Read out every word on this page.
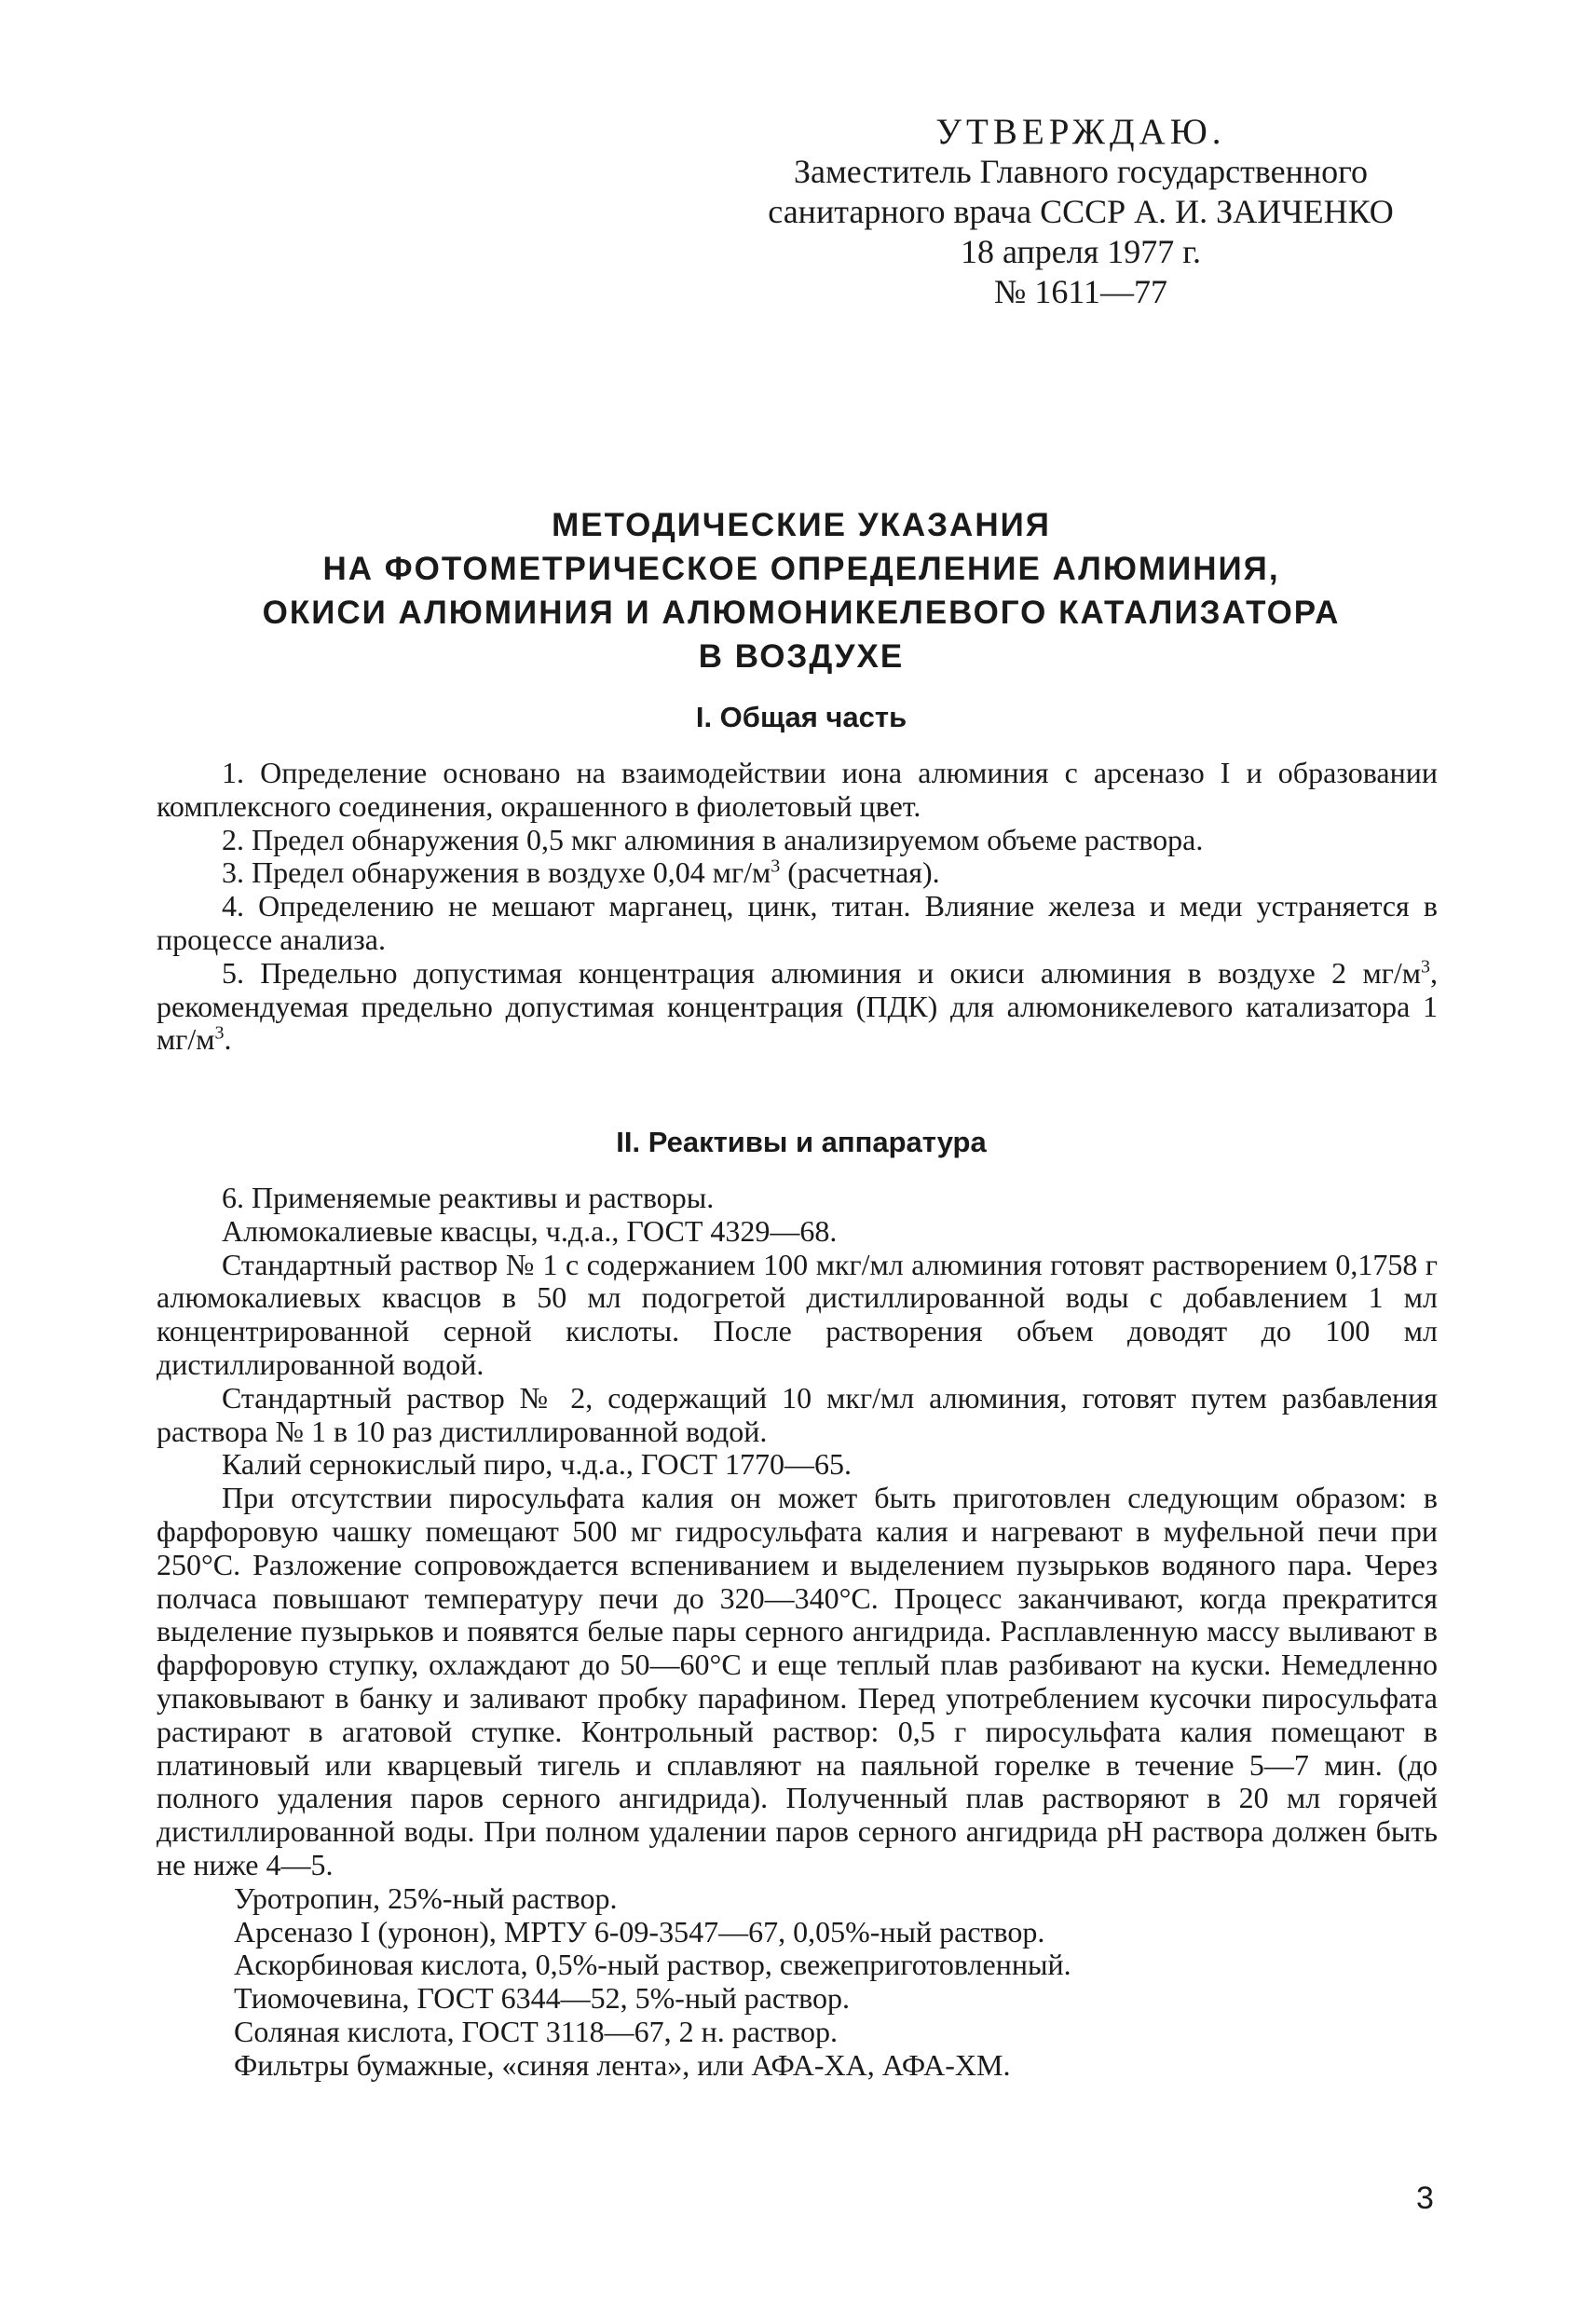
УТВЕРЖДАЮ.
Заместитель Главного государственного
санитарного врача СССР А. И. ЗАИЧЕНКО
18 апреля 1977 г.
№ 1611—77
МЕТОДИЧЕСКИЕ УКАЗАНИЯ
НА ФОТОМЕТРИЧЕСКОЕ ОПРЕДЕЛЕНИЕ АЛЮМИНИЯ,
ОКИСИ АЛЮМИНИЯ И АЛЮМОНИКЕЛЕВОГО КАТАЛИЗАТОРА
В ВОЗДУХЕ
I. Общая часть

1. Определение основано на взаимодействии иона алюминия с арсеназо I и образовании комплексного соединения, окрашенного в фиолетовый цвет.

2. Предел обнаружения 0,5 мкг алюминия в анализируемом объеме раствора.

3. Предел обнаружения в воздухе 0,04 $мг/м^3$ (расчетная).

4. Определению не мешают марганец, цинк, титан. Влияние железа и меди устраняется в процессе анализа.

5. Предельно допустимая концентрация алюминия и окиси алюминия в воздухе 2 $мг/м^3$, рекомендуемая предельно допустимая концентрация (ПДК) для алюмоникелевого катализатора 1 $мг/м^3$.

II. Реактивы и аппаратура

6. Применяемые реактивы и растворы.

Алюмокалиевые квасцы, ч.д.а., ГОСТ 4329—68.

Стандартный раствор № 1 с содержанием 100 мкг/мл алюминия готовят растворением 0,1758 г алюмокалиевых квасцов в 50 мл подогретой дистиллированной воды с добавлением 1 мл концентрированной серной кислоты. После растворения объем доводят до 100 мл дистиллированной водой.

Стандартный раствор № 2, содержащий 10 мкг/мл алюминия, готовят путем разбавления раствора № 1 в 10 раз дистиллированной водой.

Калий сернокислый пиро, ч.д.а., ГОСТ 1770—65.

При отсутствии пиросульфата калия он может быть приготовлен следующим образом: в фарфоровую чашку помещают 500 мг гидросульфата калия и нагревают в муфельной печи при 250°С. Разложение сопровождается вспениванием и выделением пузырьков водяного пара. Через полчаса повышают температуру печи до 320—340°С. Процесс заканчивают, когда прекратится выделение пузырьков и появятся белые пары серного ангидрида. Расплавленную массу выливают в фарфоровую ступку, охлаждают до 50—60°С и еще теплый плав разбивают на куски. Немедленно упаковывают в банку и заливают пробку парафином. Перед употреблением кусочки пиросульфата растирают в агатовой ступке. Контрольный раствор: 0,5 г пиросульфата калия помещают в платиновый или кварцевый тигель и сплавляют на паяльной горелке в течение 5—7 мин. (до полного удаления паров серного ангидрида). Полученный плав растворяют в 20 мл горячей дистиллированной воды. При полном удалении паров серного ангидрида pH раствора должен быть не ниже 4—5.

Уротропин, 25%-ный раствор.

Арсеназо I (уронон), МРТУ 6-09-3547—67, 0,05%-ный раствор.

Аскорбиновая кислота, 0,5%-ный раствор, свежеприготовленный.

Тиомочевина, ГОСТ 6344—52, 5%-ный раствор.

Соляная кислота, ГОСТ 3118—67, 2 н. раствор.

Фильтры бумажные, «синяя лента», или АФА-ХА, АФА-ХМ.

3
